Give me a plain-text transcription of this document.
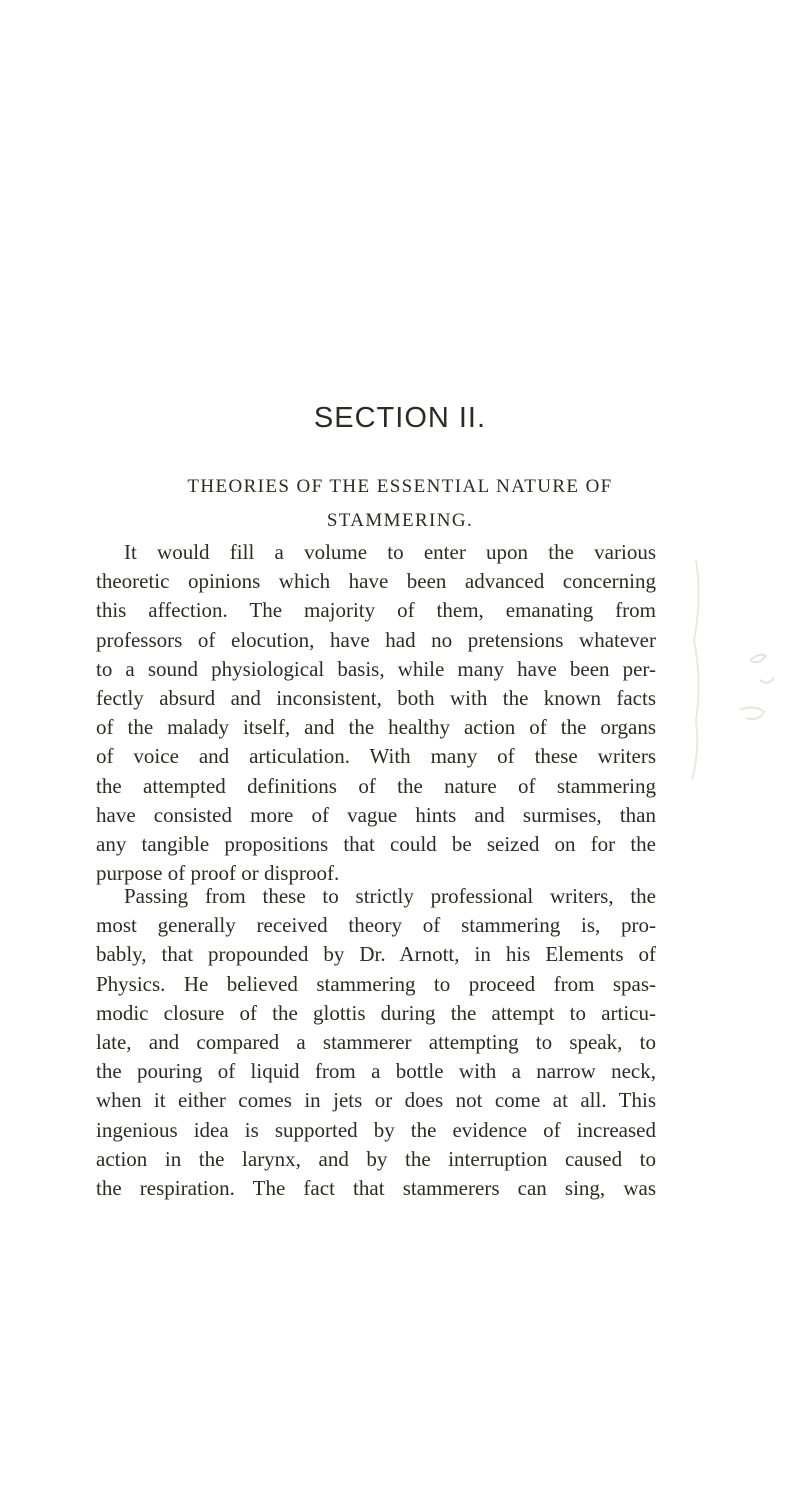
SECTION II.
THEORIES OF THE ESSENTIAL NATURE OF
STAMMERING.
It would fill a volume to enter upon the various
theoretic opinions which have been advanced concerning
this affection. The majority of them, emanating from
professors of elocution, have had no pretensions whatever
to a sound physiological basis, while many have been per-
fectly absurd and inconsistent, both with the known facts
of the malady itself, and the healthy action of the organs
of voice and articulation. With many of these writers
the attempted definitions of the nature of stammering
have consisted more of vague hints and surmises, than
any tangible propositions that could be seized on for the
purpose of proof or disproof.
Passing from these to strictly professional writers, the
most generally received theory of stammering is, pro-
bably, that propounded by Dr. Arnott, in his Elements of
Physics. He believed stammering to proceed from spas-
modic closure of the glottis during the attempt to articu-
late, and compared a stammerer attempting to speak, to
the pouring of liquid from a bottle with a narrow neck,
when it either comes in jets or does not come at all. This
ingenious idea is supported by the evidence of increased
action in the larynx, and by the interruption caused to
the respiration. The fact that stammerers can sing, was
